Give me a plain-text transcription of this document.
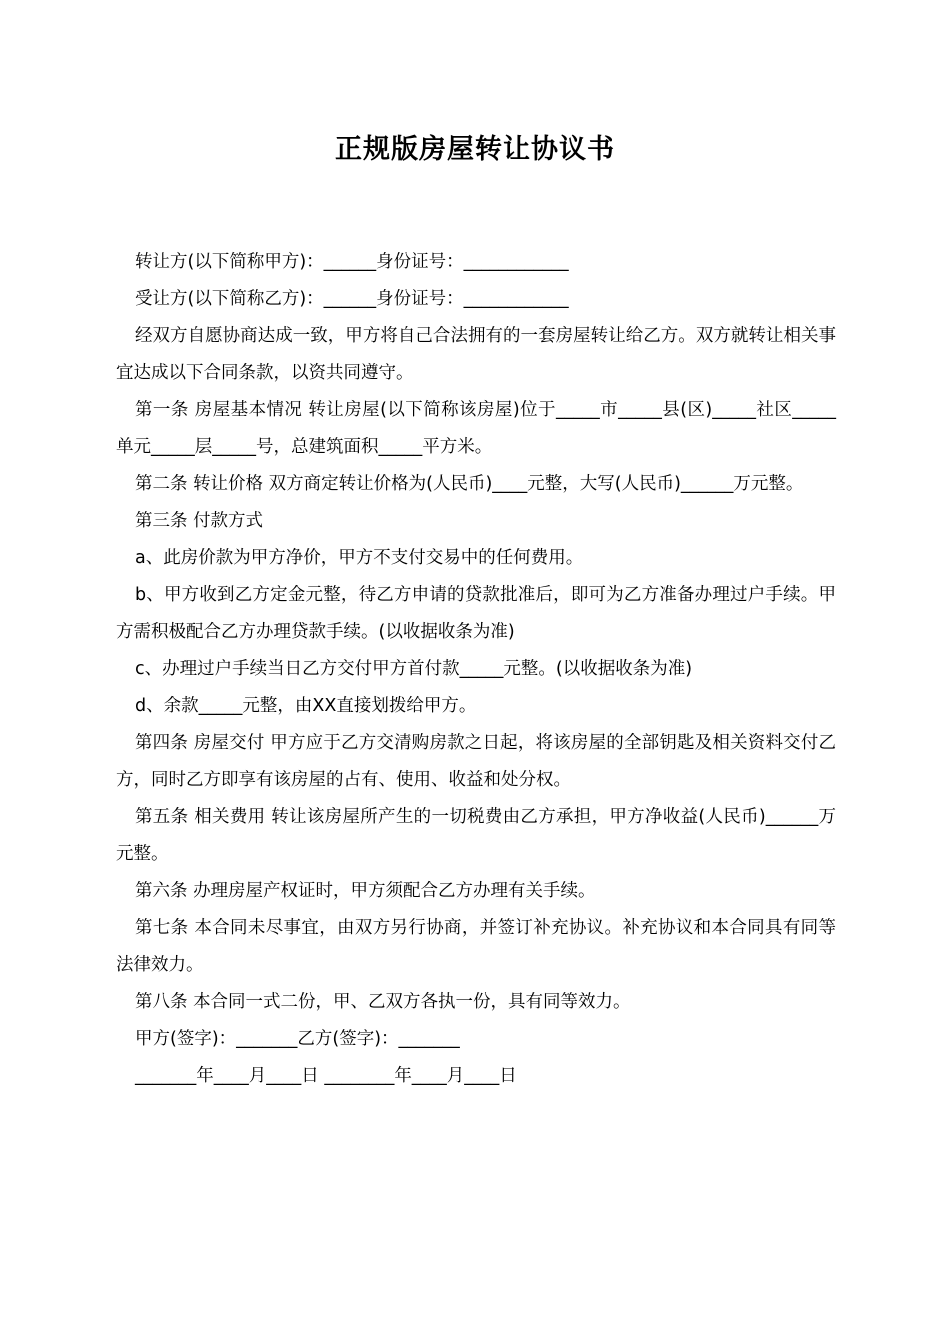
正规版房屋转让协议书

转让方(以下简称甲方)：______身份证号：____________

受让方(以下简称乙方)：______身份证号：____________

经双方自愿协商达成一致，甲方将自己合法拥有的一套房屋转让给乙方。双方就转让相关事宜达成以下合同条款，以资共同遵守。

第一条 房屋基本情况 转让房屋(以下简称该房屋)位于_____市_____县(区)_____社区_____单元_____层_____号，总建筑面积_____平方米。

第二条 转让价格 双方商定转让价格为(人民币)____元整，大写(人民币)______万元整。

第三条 付款方式

a、此房价款为甲方净价，甲方不支付交易中的任何费用。

b、甲方收到乙方定金元整，待乙方申请的贷款批准后，即可为乙方准备办理过户手续。甲方需积极配合乙方办理贷款手续。(以收据收条为准)

c、办理过户手续当日乙方交付甲方首付款_____元整。(以收据收条为准)

d、余款_____元整，由XX直接划拨给甲方。

第四条 房屋交付 甲方应于乙方交清购房款之日起，将该房屋的全部钥匙及相关资料交付乙方，同时乙方即享有该房屋的占有、使用、收益和处分权。

第五条 相关费用 转让该房屋所产生的一切税费由乙方承担，甲方净收益(人民币)______万元整。

第六条 办理房屋产权证时，甲方须配合乙方办理有关手续。

第七条 本合同未尽事宜，由双方另行协商，并签订补充协议。补充协议和本合同具有同等法律效力。

第八条 本合同一式二份，甲、乙双方各执一份，具有同等效力。

甲方(签字)：_______乙方(签字)：_______

_______年____月____日 ________年____月____日
